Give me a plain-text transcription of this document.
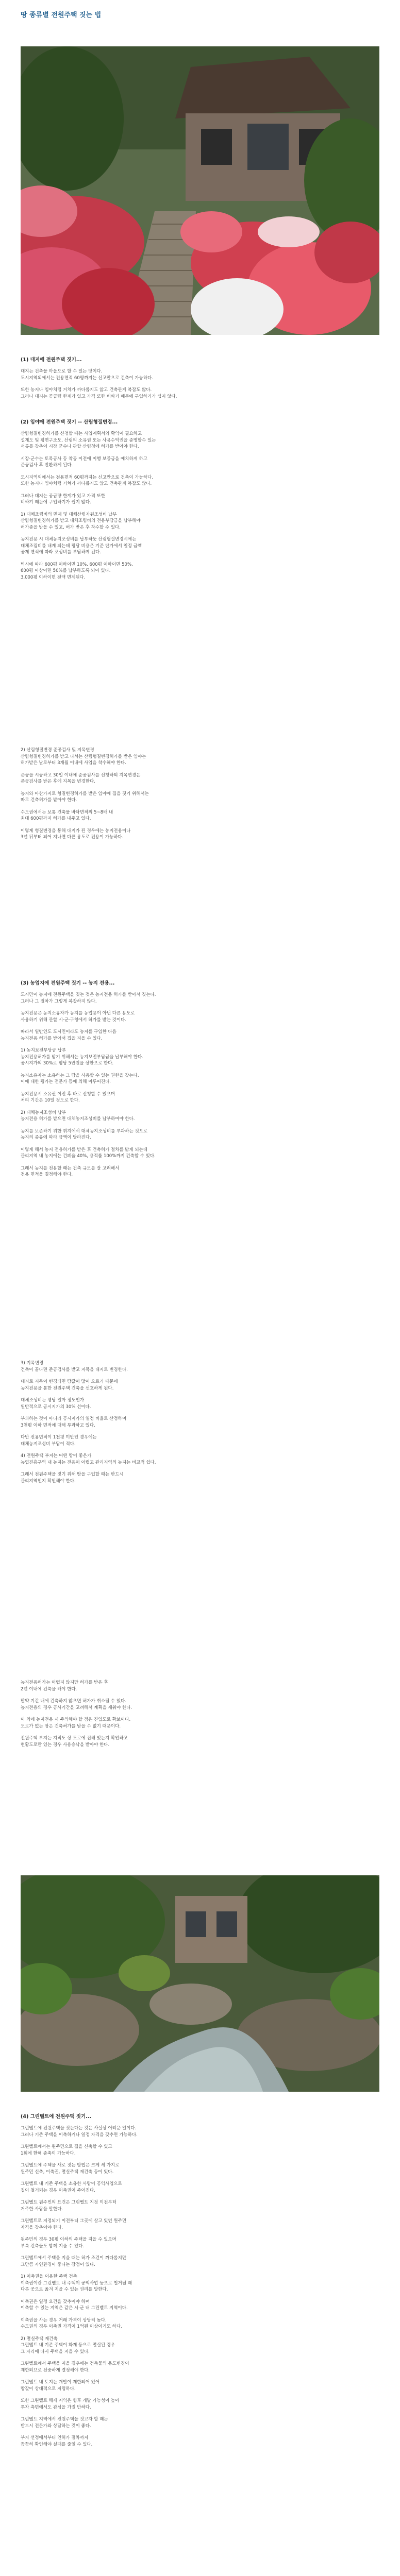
땅 종류별 전원주택 짓는 법
(1) 대지에 전원주택 짓기...

대지는 건축물 마을으로 할 수 있는 땅이다.
도시지역외에서는 전용면적 60평까지는 신고만으로 건축이 가능하다.

또한 농지나 임야처럼 거쳐가 까다롭지도 않고 건축관계 복잡도 않다.
그러나 대지는 공급량 한계가 있고 가격 또한 비싸기 때문에 구입하기가 쉽지 않다.

(2) 임야에 전원주택 짓기 -- 산림형질변경...

산림형질변경허가를 신청할 때는 사업계획서와 확약이 필요하고
설계도 및 평면구조도, 산림의 소유권 또는 사용수익권을 증명할수 있는
서류를 갖추어 시장 군수나 관할 산림청에 허가를 받아야 한다.

시장·군수는 토목공사 등 착공 이전에 이행 보증금을 예치하게 하고
준공검사 후 반환하게 된다.

도시지역외에서는 전용면적 60평까지는 신고만으로 건축이 가능하다.
또한 농지나 임야처럼 거쳐가 까다롭지도 않고 건축관계 복잡도 않다.

그러나 대지는 공급량 한계가 있고 가격 또한
비싸기 때문에 구입하기가 쉽지 않다.

1) 대체조림비의 면제 및 대체산림자원조성비 납부
산림형질변경허가를 받고 대체조림비의 전용부담금을 납부해야
허가증을 받을 수 있고, 허가 받은 후 착수할 수 있다.

농지전용 시 대체농지조성비를 납부하듯 산림형질변경시에는
대체조림비를 내게 되는데 평당 비용은 기준 단가에서 일정 금액
공제 면적에 따라 조성비를 부담하게 된다.

벽시에 따라 600평 이하이면 10%, 600평 이하이면 50%,
600평 이상이면 50%를 납부하도록 되어 있다.
3,000평 이하이면 전액 면제된다.

2) 산림형질변경 준공검사 및 지목변경
산림형질변경허가를 받고 나서는 산림형질변경허가를 받은 임야는
허가받은 날로부터 3개월 이내에 사업을 착수해야 한다.

준공을 시공하고 30일 이내에 준공검사를 신청하되 지목변경은
준공검사를 받은 후에 지목을 변경한다.

농지와 마찬가지로 형질변경허가를 받은 임야에 집을 짓기 위해서는
따로 건축허가를 받아야 한다.

수도권에서는 보통 건축물 바닥면적의 5~8배 내
최대 600평까지 허가를 내주고 있다.

이렇게 형질변경을 통해 대지가 된 경우에는 농지전용이나
3년 뒤부터 되어 지나면 다른 용도로 전용이 가능하다.

(3) 농업지에 전원주택 짓기 -- 농지 전용...

도시민이 농지에 전원주택을 짓는 것은 농지전용 허가를 받아서 짓는다.
그러나 그 절차가 그렇게 복잡하지 않다.

농지전용은 농지소유자가 농지를 농업용이 아닌 다른 용도로
사용하기 위해 관할 시·군·구청에서 허가를 받는 것이다.

따라서 일반인도 도시민이라도 농지를 구입한 다음
농지전용 허가를 받아서 집을 지을 수 있다.

1) 농지보전부담금 납부
농지전용허가를 받기 위해서는 농지보전부담금을 납부해야 한다.
공시지가의 30%로 평당 5만원을 상한으로 한다.

농지소유자는 소유하는 그 땅을 사용할 수 있는 권한을 갖는다.
이에 대한 평가는 전문가 등에 의해 이루어진다.

농지전용시 소유권 이전 후 바로 신청할 수 있으며
처리 기간은 10일 정도로 한다.

2) 대체농지조성비 납부
농지전용 허가를 받으면 대체농지조성비를 납부하여야 한다.

농지를 보존하기 위한 취지에서 대체농지조성비를 부과하는 것으로
농지의 종류에 따라 금액이 달라진다.

이렇게 해서 농지 전용허가를 받은 후 건축허가 절차를 밟게 되는데
관리지역 내 농지에는 건폐율 40%, 용적률 100%까지 건축할 수 있다.

그래서 농지를 전용할 때는 건축 규모를 잘 고려해서
전용 면적을 결정해야 한다.

3) 지목변경
건축이 끝나면 준공검사를 받고 지목을 대지로 변경한다.

대지로 지목이 변경되면 땅값이 많이 오르기 때문에
농지전용을 통한 전원주택 건축을 선호하게 된다.

대체조성비는 평당 얼마 정도인가
일반적으로 공시지가의 30% 선이다.

부과하는 것이 아니라 공시지가의 일정 비율로 산정하며
3천평 이하 면적에 대해 부과하고 있다.

다만 전용면적이 1천평 미만인 경우에는
대체농지조성비 부담이 적다.

4) 전원주택 부지는 어떤 땅이 좋은가
농업진흥구역 내 농지는 전용이 어렵고 관리지역의 농지는 비교적 쉽다.

그래서 전원주택을 짓기 위해 땅을 구입할 때는 반드시
관리지역인지 확인해야 한다.

농지전용허가는 어렵지 않지만 허가를 받은 후
2년 이내에 건축을 해야 한다.

만약 기간 내에 건축하지 않으면 허가가 취소될 수 있다.
농지전용의 경우 공사기간을 고려해서 계획을 세워야 한다.

이 외에 농지전용 시 주의해야 할 점은 진입도로 확보이다.
도로가 없는 땅은 건축허가를 받을 수 없기 때문이다.

전원주택 부지는 지적도 상 도로에 접해 있는지 확인하고
현황도로만 있는 경우 사용승낙을 받아야 한다.

(4) 그린벨트에 전원주택 짓기...

그린벨트에 전원주택을 짓는다는 것은 사실상 어려운 일이다.
그러나 기존 주택을 이축하거나 일정 자격을 갖추면 가능하다.

그린벨트에서는 원주민으로 집을 신축할 수 있고
1회에 한해 증축이 가능하다.

그린벨트에 주택을 새로 짓는 방법은 크게 세 가지로
원주민 신축, 이축권, 멸실주택 재건축 등이 있다.

그린벨트 내 기존 주택을 소유한 사람이 공익사업으로
집이 철거되는 경우 이축권이 주어진다.

그린벨트 원주민의 요건은 그린벨트 지정 이전부터
거주한 사람을 말한다.

그린벨트로 지정되기 이전부터 그곳에 살고 있던 원주민
자격을 갖추어야 한다.

원주민의 경우 30평 이하의 주택을 지을 수 있으며
부속 건축물도 함께 지을 수 있다.

그린벨트에서 주택을 지을 때는 허가 조건이 까다롭지만
그만큼 자연환경이 좋다는 장점이 있다.

1) 이축권을 이용한 주택 건축
이축권이란 그린벨트 내 주택이 공익사업 등으로 철거될 때
다른 곳으로 옮겨 지을 수 있는 권리를 말한다.

이축권은 일정 요건을 갖추어야 하며
이축할 수 있는 지역은 같은 시·군 내 그린벨트 지역이다.

이축권을 사는 경우 거래 가격이 상당히 높다.
수도권의 경우 이축권 가격이 1억원 이상이기도 하다.

2) 멸실주택 재건축
그린벨트 내 기존 주택이 화재 등으로 멸실된 경우
그 자리에 다시 주택을 지을 수 있다.

그린벨트에서 주택을 지을 경우에는 건축물의 용도변경이
제한되므로 신중하게 결정해야 한다.

그린벨트 내 토지는 개발이 제한되어 있어
땅값이 상대적으로 저렴하다.

또한 그린벨트 해제 지역은 향후 개발 가능성이 높아
투자 측면에서도 관심을 가질 만하다.

그린벨트 지역에서 전원주택을 짓고자 할 때는
반드시 전문가와 상담하는 것이 좋다.

부지 선정에서부터 인허가 절차까지
꼼꼼히 확인해야 실패를 줄일 수 있다.
